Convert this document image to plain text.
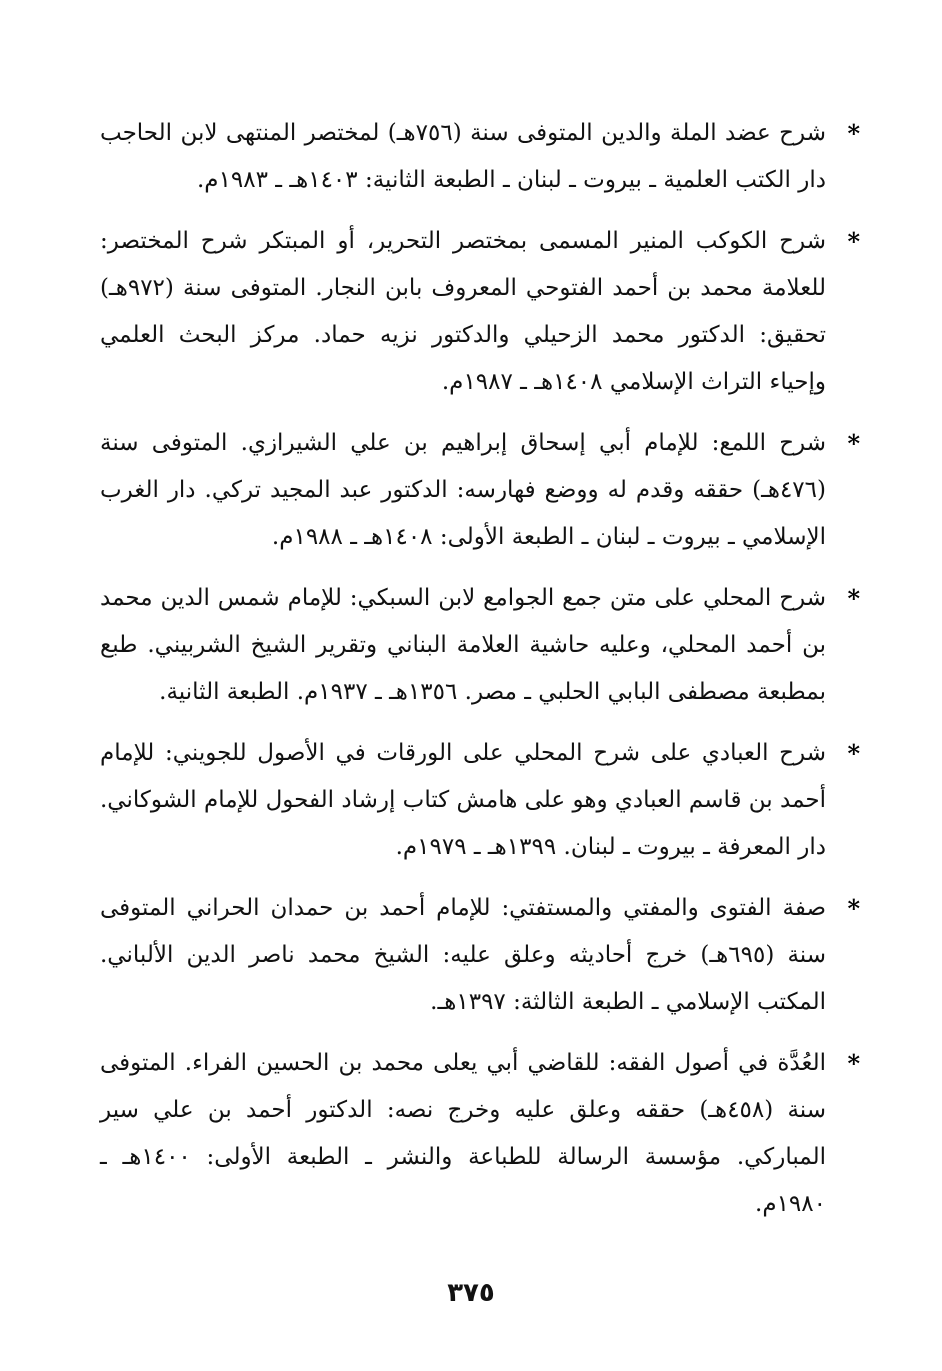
*
شرح عضد الملة والدين المتوفى سنة (٧٥٦هـ) لمختصر المنتهى لابن الحاجب دار الكتب العلمية ـ بيروت ـ لبنان ـ الطبعة الثانية: ١٤٠٣هـ ـ ١٩٨٣م.
*
شرح الكوكب المنير المسمى بمختصر التحرير، أو المبتكر شرح المختصر: للعلامة محمد بن أحمد الفتوحي المعروف بابن النجار. المتوفى سنة (٩٧٢هـ) تحقيق: الدكتور محمد الزحيلي والدكتور نزيه حماد. مركز البحث العلمي وإحياء التراث الإسلامي ١٤٠٨هـ ـ ١٩٨٧م.
*
شرح اللمع: للإمام أبي إسحاق إبراهيم بن علي الشيرازي. المتوفى سنة (٤٧٦هـ) حققه وقدم له ووضع فهارسه: الدكتور عبد المجيد تركي. دار الغرب الإسلامي ـ بيروت ـ لبنان ـ الطبعة الأولى: ١٤٠٨هـ ـ ١٩٨٨م.
*
شرح المحلي على متن جمع الجوامع لابن السبكي: للإمام شمس الدين محمد بن أحمد المحلي، وعليه حاشية العلامة البناني وتقرير الشيخ الشربيني. طبع بمطبعة مصطفى البابي الحلبي ـ مصر. ١٣٥٦هـ ـ ١٩٣٧م. الطبعة الثانية.
*
شرح العبادي على شرح المحلي على الورقات في الأصول للجويني: للإمام أحمد بن قاسم العبادي وهو على هامش كتاب إرشاد الفحول للإمام الشوكاني. دار المعرفة ـ بيروت ـ لبنان. ١٣٩٩هـ ـ ١٩٧٩م.
*
صفة الفتوى والمفتي والمستفتي: للإمام أحمد بن حمدان الحراني المتوفى سنة (٦٩٥هـ) خرج أحاديثه وعلق عليه: الشيخ محمد ناصر الدين الألباني. المكتب الإسلامي ـ الطبعة الثالثة: ١٣٩٧هـ.
*
العُدَّة في أصول الفقه: للقاضي أبي يعلى محمد بن الحسين الفراء. المتوفى سنة (٤٥٨هـ) حققه وعلق عليه وخرج نصه: الدكتور أحمد بن علي سير المباركي. مؤسسة الرسالة للطباعة والنشر ـ الطبعة الأولى: ١٤٠٠هـ ـ ١٩٨٠م.
٣٧٥
